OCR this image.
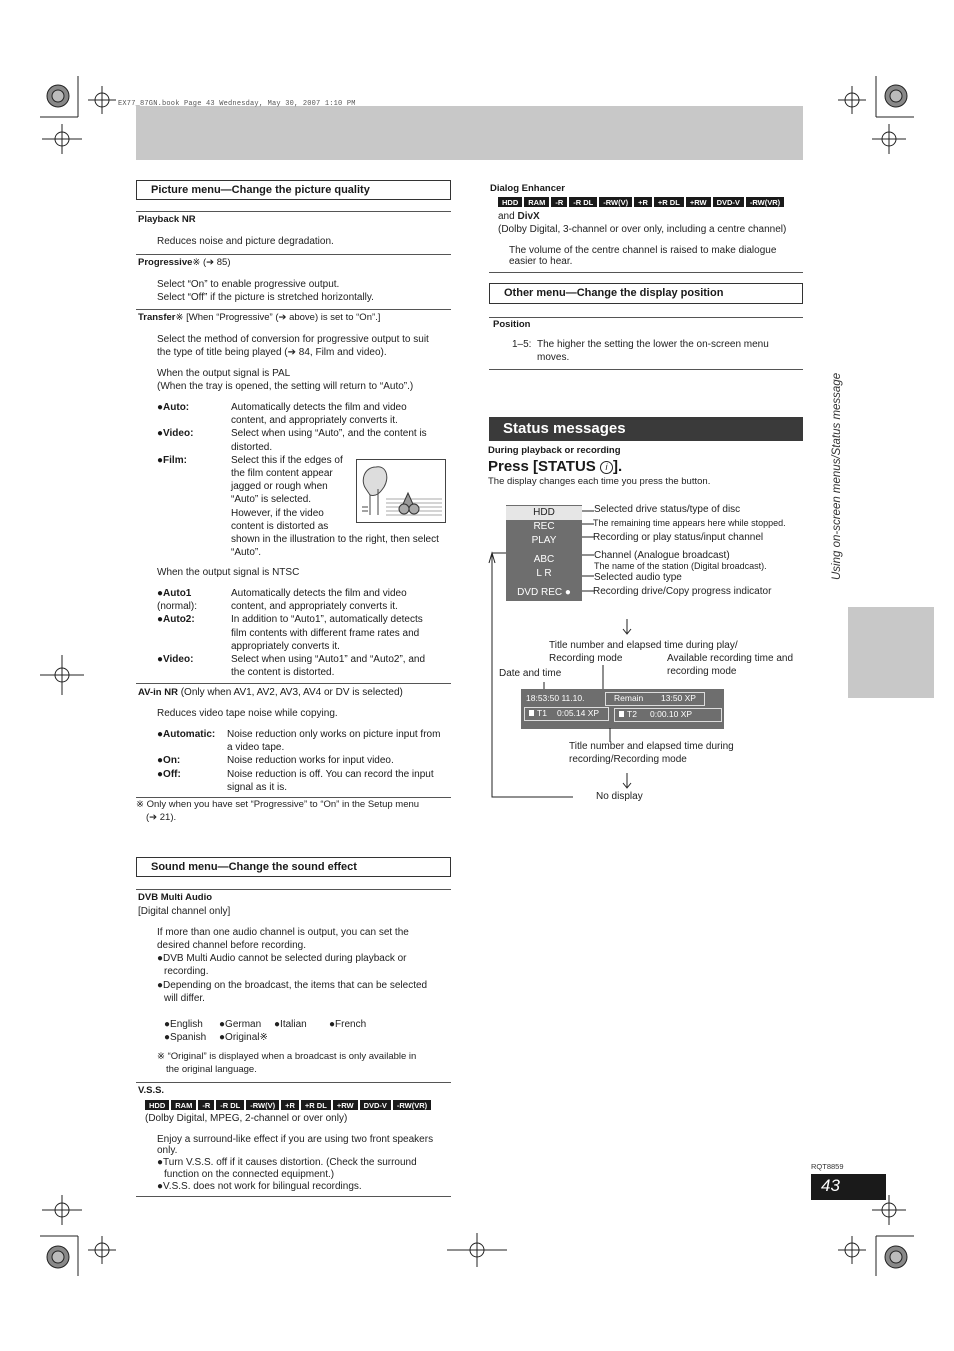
EX77_87GN.book Page 43 Wednesday, May 30, 2007 1:10 PM
Picture menu—Change the picture quality
Playback NR
Reduces noise and picture degradation.
Progressive※ (➔ 85)
Select “On” to enable progressive output.
Select “Off” if the picture is stretched horizontally.
Transfer※ [When “Progressive” (➔ above) is set to “On”.]
Select the method of conversion for progressive output to suit
the type of title being played (➔ 84, Film and video).
When the output signal is PAL
(When the tray is opened, the setting will return to “Auto”.)
●Auto:	Automatically detects the film and video
content, and appropriately converts it.
●Video:	Select when using “Auto”, and the content is
distorted.
●Film:	Select this if the edges of
the film content appear
jagged or rough when
“Auto” is selected.
However, if the video
content is distorted as
shown in the illustration to the right, then select
“Auto”.
When the output signal is NTSC
●Auto1
(normal):
Automatically detects the film and video
content, and appropriately converts it.
●Auto2:	In addition to “Auto1”, automatically detects
film contents with different frame rates and
appropriately converts it.
●Video:	Select when using “Auto1” and “Auto2”, and
the content is distorted.
AV-in NR (Only when AV1, AV2, AV3, AV4 or DV is selected)
Reduces video tape noise while copying.
●Automatic:	Noise reduction only works on picture input from
a video tape.
●On:	Noise reduction works for input video.
●Off:	Noise reduction is off. You can record the input
signal as it is.
※ Only when you have set “Progressive” to “On” in the Setup menu
(➔ 21).
Sound menu—Change the sound effect
DVB Multi Audio
[Digital channel only]
If more than one audio channel is output, you can set the
desired channel before recording.
●DVB Multi Audio cannot be selected during playback or
recording.
●Depending on the broadcast, the items that can be selected
will differ.
●English ●German ●Italian ●French
●Spanish ●Original※
※ “Original” is displayed when a broadcast is only available in
the original language.
V.S.S.
HDD	RAM	-R	-R DL	-RW(V)	+R	+R DL	+RW	DVD-V	-RW(VR)
(Dolby Digital, MPEG, 2-channel or over only)
Enjoy a surround-like effect if you are using two front speakers
only.
●Turn V.S.S. off if it causes distortion. (Check the surround
function on the connected equipment.)
●V.S.S. does not work for bilingual recordings.
Dialog Enhancer
HDD	RAM	-R	-R DL	-RW(V)	+R	+R DL	+RW	DVD-V	-RW(VR)
and DivX
(Dolby Digital, 3-channel or over only, including a centre channel)
The volume of the centre channel is raised to make dialogue
easier to hear.
Other menu—Change the display position
Position
1–5: The higher the setting the lower the on-screen menu
moves.
Status messages
During playback or recording
Press [STATUS i ].
The display changes each time you press the button.
HDD
REC
PLAY
ABC
L R
DVD REC ●
Selected drive status/type of disc
The remaining time appears here while stopped.
Recording or play status/input channel
Channel (Analogue broadcast)
The name of the station (Digital broadcast).
Selected audio type
Recording drive/Copy progress indicator
Title number and elapsed time during play/
Recording mode	Available recording time and
recording mode
Date and time
18:53:50 11.10.	Remain 13:50 XP
T1 0:05.14 XP	T2 0:00.10 XP
Title number and elapsed time during
recording/Recording mode
No display
Using on-screen menus/Status message
RQT8859
43
